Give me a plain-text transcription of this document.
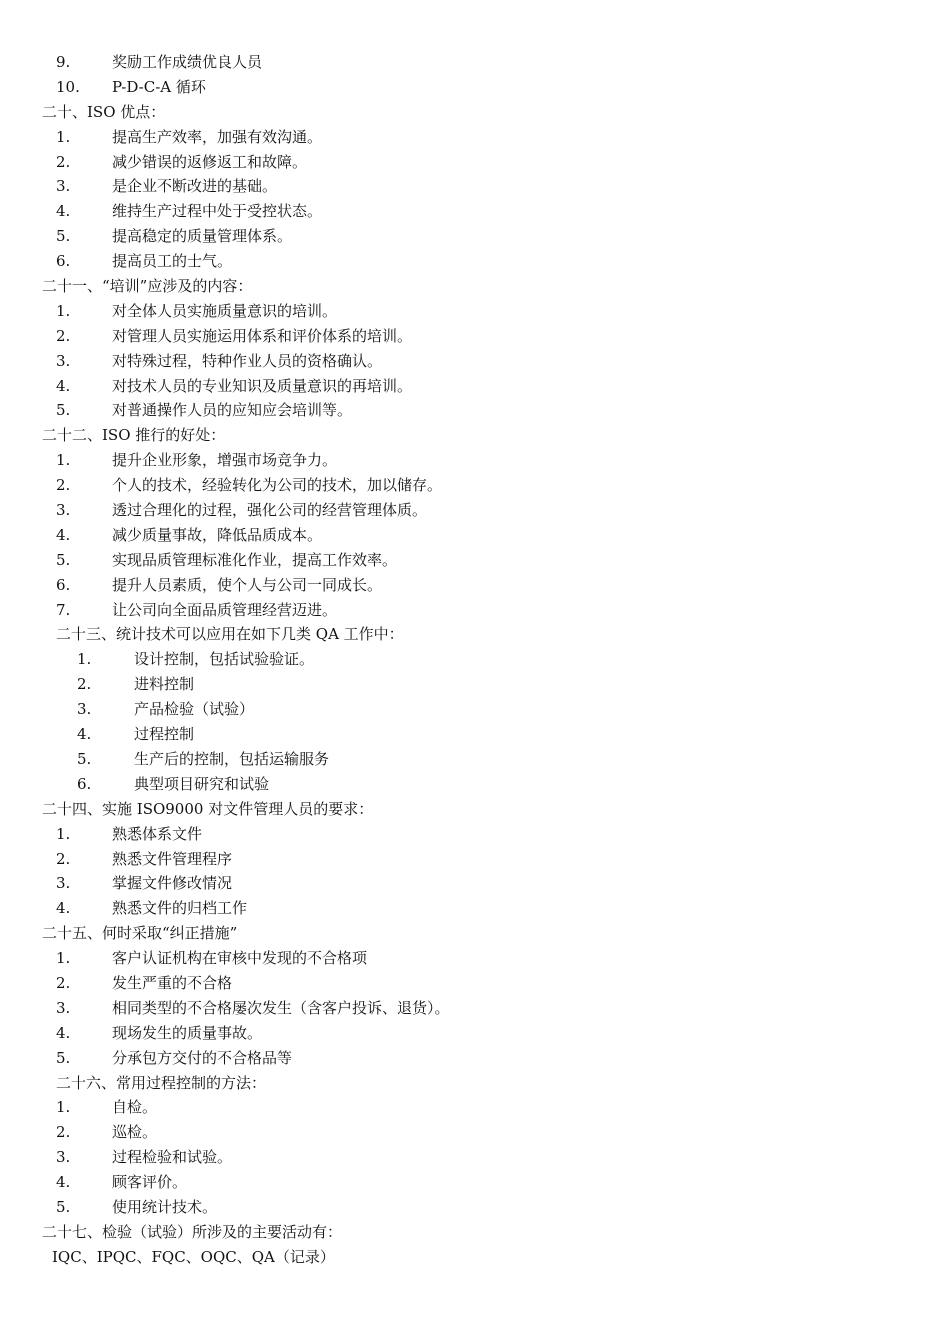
9.	奖励工作成绩优良人员
10. P-D-C-A 循环
二十、ISO 优点：
1.	提高生产效率，加强有效沟通。
2.	减少错误的返修返工和故障。
3.	是企业不断改进的基础。
4.	维持生产过程中处于受控状态。
5.	提高稳定的质量管理体系。
6.	提高员工的士气。
二十一、“培训”应涉及的内容：
1.	对全体人员实施质量意识的培训。
2.	对管理人员实施运用体系和评价体系的培训。
3.	对特殊过程，特种作业人员的资格确认。
4.	对技术人员的专业知识及质量意识的再培训。
5.	对普通操作人员的应知应会培训等。
二十二、ISO 推行的好处：
1.	提升企业形象，增强市场竞争力。
2.	个人的技术，经验转化为公司的技术，加以储存。
3.	透过合理化的过程，强化公司的经营管理体质。
4.	减少质量事故，降低品质成本。
5.	实现品质管理标准化作业，提高工作效率。
6.	提升人员素质，使个人与公司一同成长。
7.	让公司向全面品质管理经营迈进。
二十三、统计技术可以应用在如下几类 QA 工作中：
1.	设计控制，包括试验验证。
2.	进料控制
3.	产品检验（试验）
4.	过程控制
5.	生产后的控制，包括运输服务
6.	典型项目研究和试验
二十四、实施 ISO9000 对文件管理人员的要求：
1.	熟悉体系文件
2.	熟悉文件管理程序
3.	掌握文件修改情况
4.	熟悉文件的归档工作
二十五、何时采取“纠正措施”
1.	客户认证机构在审核中发现的不合格项
2.	发生严重的不合格
3.	相同类型的不合格屡次发生（含客户投诉、退货）。
4.	现场发生的质量事故。
5.	分承包方交付的不合格品等
二十六、常用过程控制的方法：
1.	自检。
2.	巡检。
3.	过程检验和试验。
4.	顾客评价。
5.	使用统计技术。
二十七、检验（试验）所涉及的主要活动有：
IQC、IPQC、FQC、OQC、QA（记录）
